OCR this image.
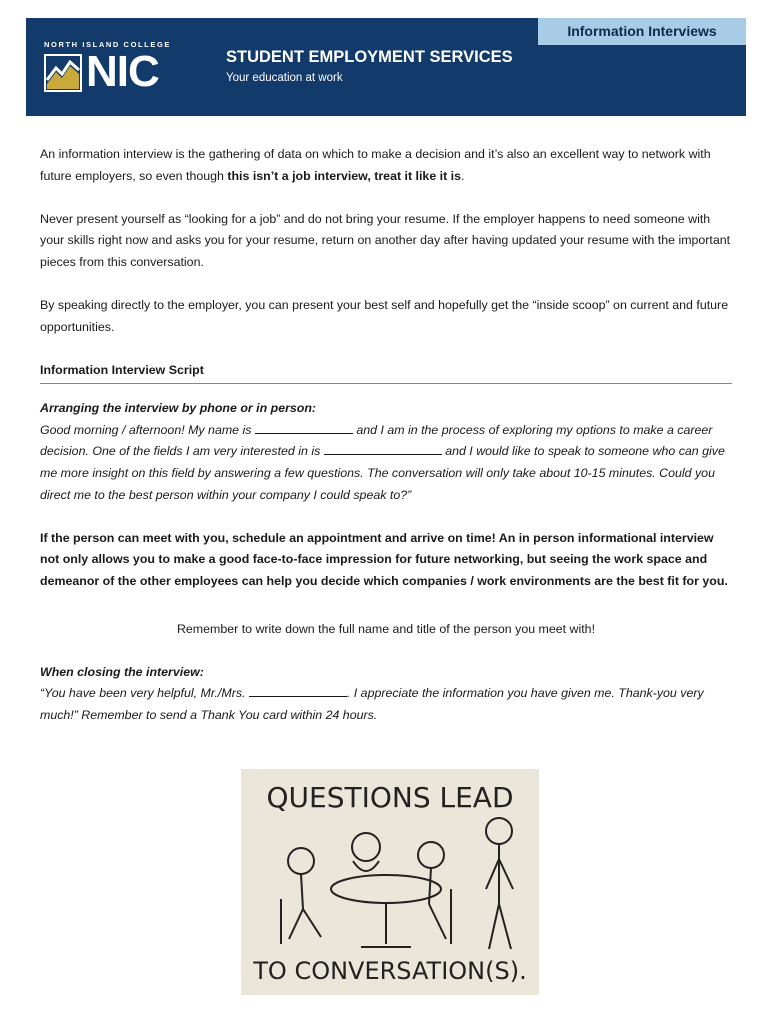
Information Interviews
NORTH ISLAND COLLEGE
NIC	STUDENT EMPLOYMENT SERVICES
Your education at work

An information interview is the gathering of data on which to make a decision and it’s also an excellent way to network with future employers, so even though this isn’t a job interview, treat it like it is.

Never present yourself as “looking for a job” and do not bring your resume. If the employer happens to need someone with your skills right now and asks you for your resume, return on another day after having updated your resume with the important pieces from this conversation.

By speaking directly to the employer, you can present your best self and hopefully get the “inside scoop” on current and future opportunities.

Information Interview Script

Arranging the interview by phone or in person:

Good morning / afternoon! My name is	and I am in the process of exploring my options to make a career decision. One of the fields I am very interested in is	and I would like to speak to someone who can give me more insight on this field by answering a few questions. The conversation will only take about 10-15 minutes. Could you direct me to the best person within your company I could speak to?”

If the person can meet with you, schedule an appointment and arrive on time! An in person informational interview not only allows you to make a good face-to-face impression for future networking, but seeing the work space and demeanor of the other employees can help you decide which companies / work environments are the best fit for you.

Remember to write down the full name and title of the person you meet with!

When closing the interview:

“You have been very helpful, Mr./Mrs.	. I appreciate the information you have given me. Thank-you very much!” Remember to send a Thank You card within 24 hours.

QUESTIONS LEAD
TO CONVERSATION(S).
